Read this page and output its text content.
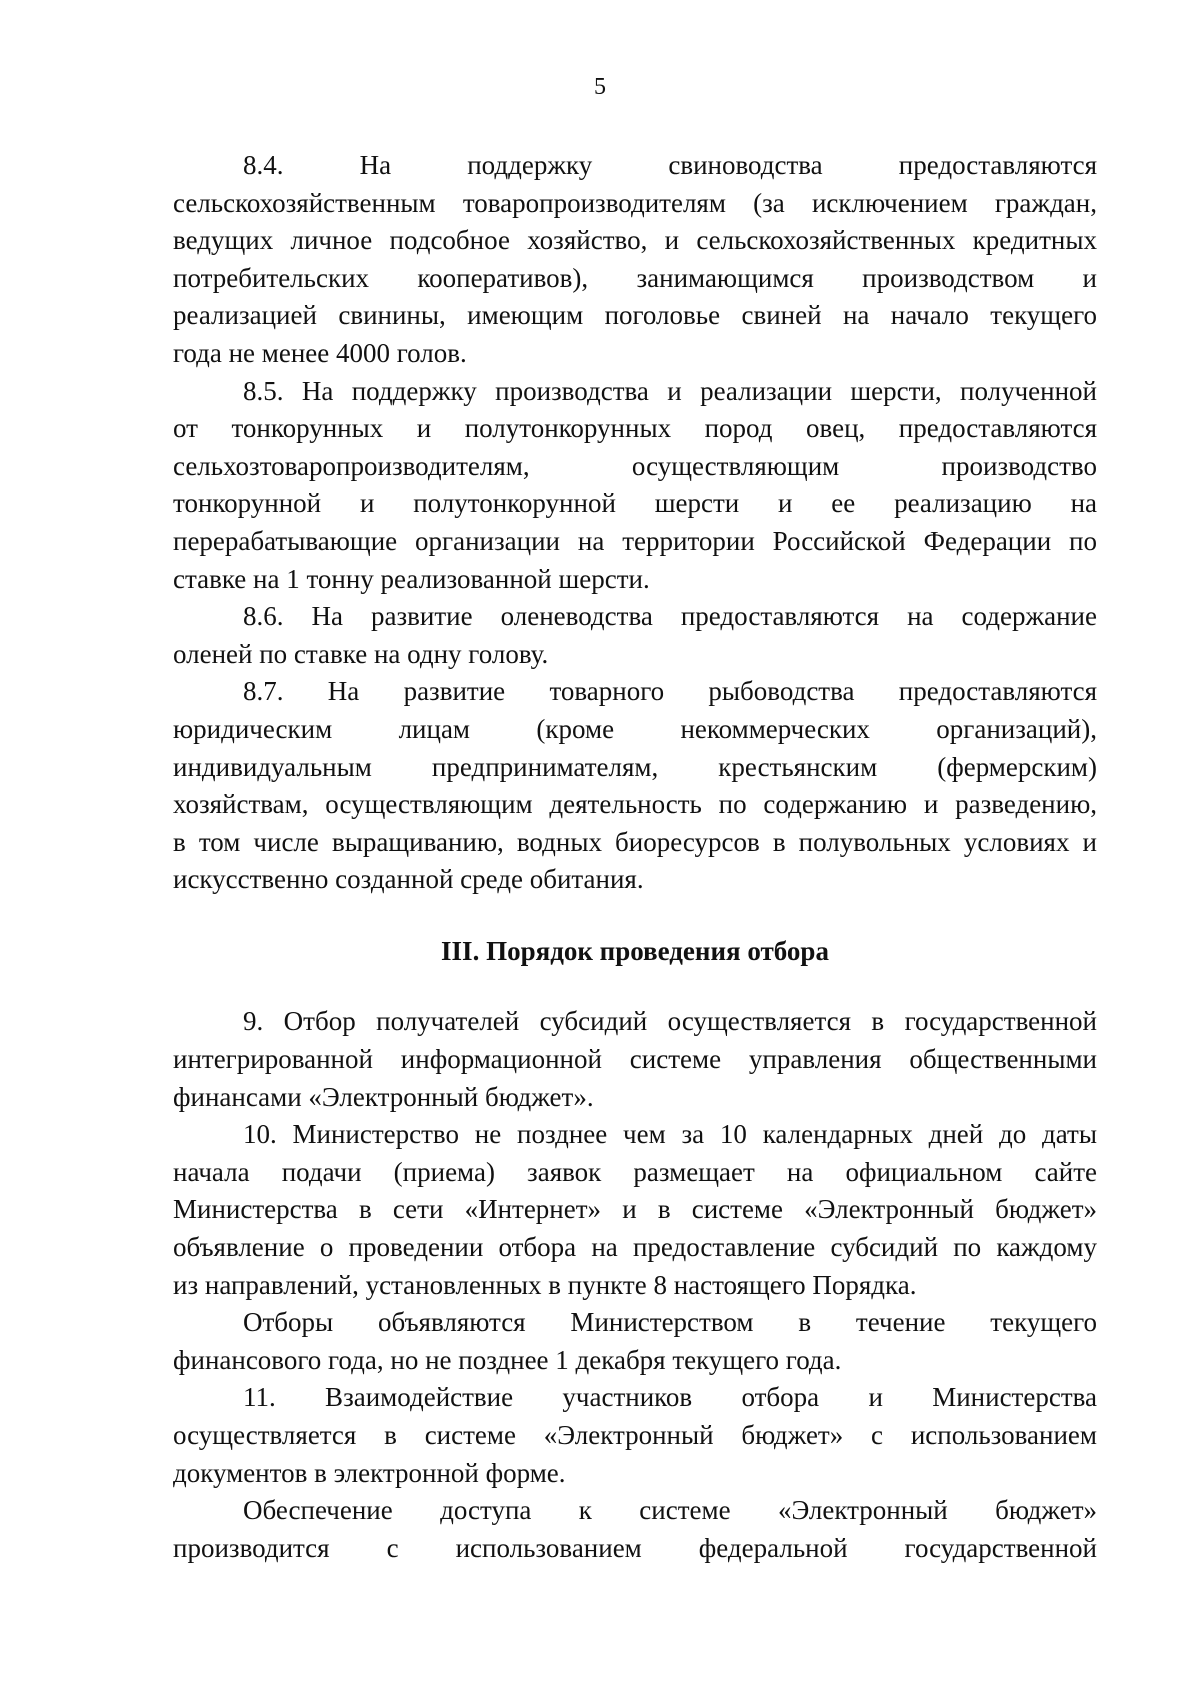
5
8.4. На поддержку свиноводства предоставляются
сельскохозяйственным товаропроизводителям (за исключением граждан,
ведущих личное подсобное хозяйство, и сельскохозяйственных кредитных
потребительских кооперативов), занимающимся производством и
реализацией свинины, имеющим поголовье свиней на начало текущего
года не менее 4000 голов.
8.5. На поддержку производства и реализации шерсти, полученной
от тонкорунных и полутонкорунных пород овец, предоставляются
сельхозтоваропроизводителям, осуществляющим производство
тонкорунной и полутонкорунной шерсти и ее реализацию на
перерабатывающие организации на территории Российской Федерации по
ставке на 1 тонну реализованной шерсти.
8.6. На развитие оленеводства предоставляются на содержание
оленей по ставке на одну голову.
8.7. На развитие товарного рыбоводства предоставляются
юридическим лицам (кроме некоммерческих организаций),
индивидуальным предпринимателям, крестьянским (фермерским)
хозяйствам, осуществляющим деятельность по содержанию и разведению,
в том числе выращиванию, водных биоресурсов в полувольных условиях и
искусственно созданной среде обитания.
III. Порядок проведения отбора
9. Отбор получателей субсидий осуществляется в государственной
интегрированной информационной системе управления общественными
финансами «Электронный бюджет».
10. Министерство не позднее чем за 10 календарных дней до даты
начала подачи (приема) заявок размещает на официальном сайте
Министерства в сети «Интернет» и в системе «Электронный бюджет»
объявление о проведении отбора на предоставление субсидий по каждому
из направлений, установленных в пункте 8 настоящего Порядка.
Отборы объявляются Министерством в течение текущего
финансового года, но не позднее 1 декабря текущего года.
11. Взаимодействие участников отбора и Министерства
осуществляется в системе «Электронный бюджет» с использованием
документов в электронной форме.
Обеспечение доступа к системе «Электронный бюджет»
производится с использованием федеральной государственной
